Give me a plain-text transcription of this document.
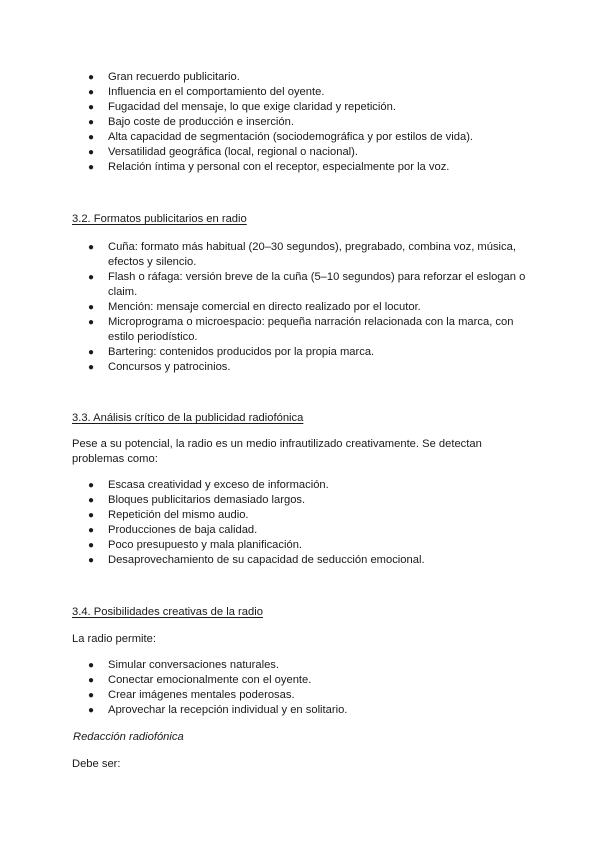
● Gran recuerdo publicitario.
● Influencia en el comportamiento del oyente.
● Fugacidad del mensaje, lo que exige claridad y repetición.
● Bajo coste de producción e inserción.
● Alta capacidad de segmentación (sociodemográfica y por estilos de vida).
● Versatilidad geográfica (local, regional o nacional).
● Relación íntima y personal con el receptor, especialmente por la voz.
3.2. Formatos publicitarios en radio
● Cuña: formato más habitual (20–30 segundos), pregrabado, combina voz, música, efectos y silencio.
● Flash o ráfaga: versión breve de la cuña (5–10 segundos) para reforzar el eslogan o claim.
● Mención: mensaje comercial en directo realizado por el locutor.
● Microprograma o microespacio: pequeña narración relacionada con la marca, con estilo periodístico.
● Bartering: contenidos producidos por la propia marca.
● Concursos y patrocinios.
3.3. Análisis crítico de la publicidad radiofónica
Pese a su potencial, la radio es un medio infrautilizado creativamente. Se detectan problemas como:
● Escasa creatividad y exceso de información.
● Bloques publicitarios demasiado largos.
● Repetición del mismo audio.
● Producciones de baja calidad.
● Poco presupuesto y mala planificación.
● Desaprovechamiento de su capacidad de seducción emocional.
3.4. Posibilidades creativas de la radio
La radio permite:
● Simular conversaciones naturales.
● Conectar emocionalmente con el oyente.
● Crear imágenes mentales poderosas.
● Aprovechar la recepción individual y en solitario.
Redacción radiofónica
Debe ser:
